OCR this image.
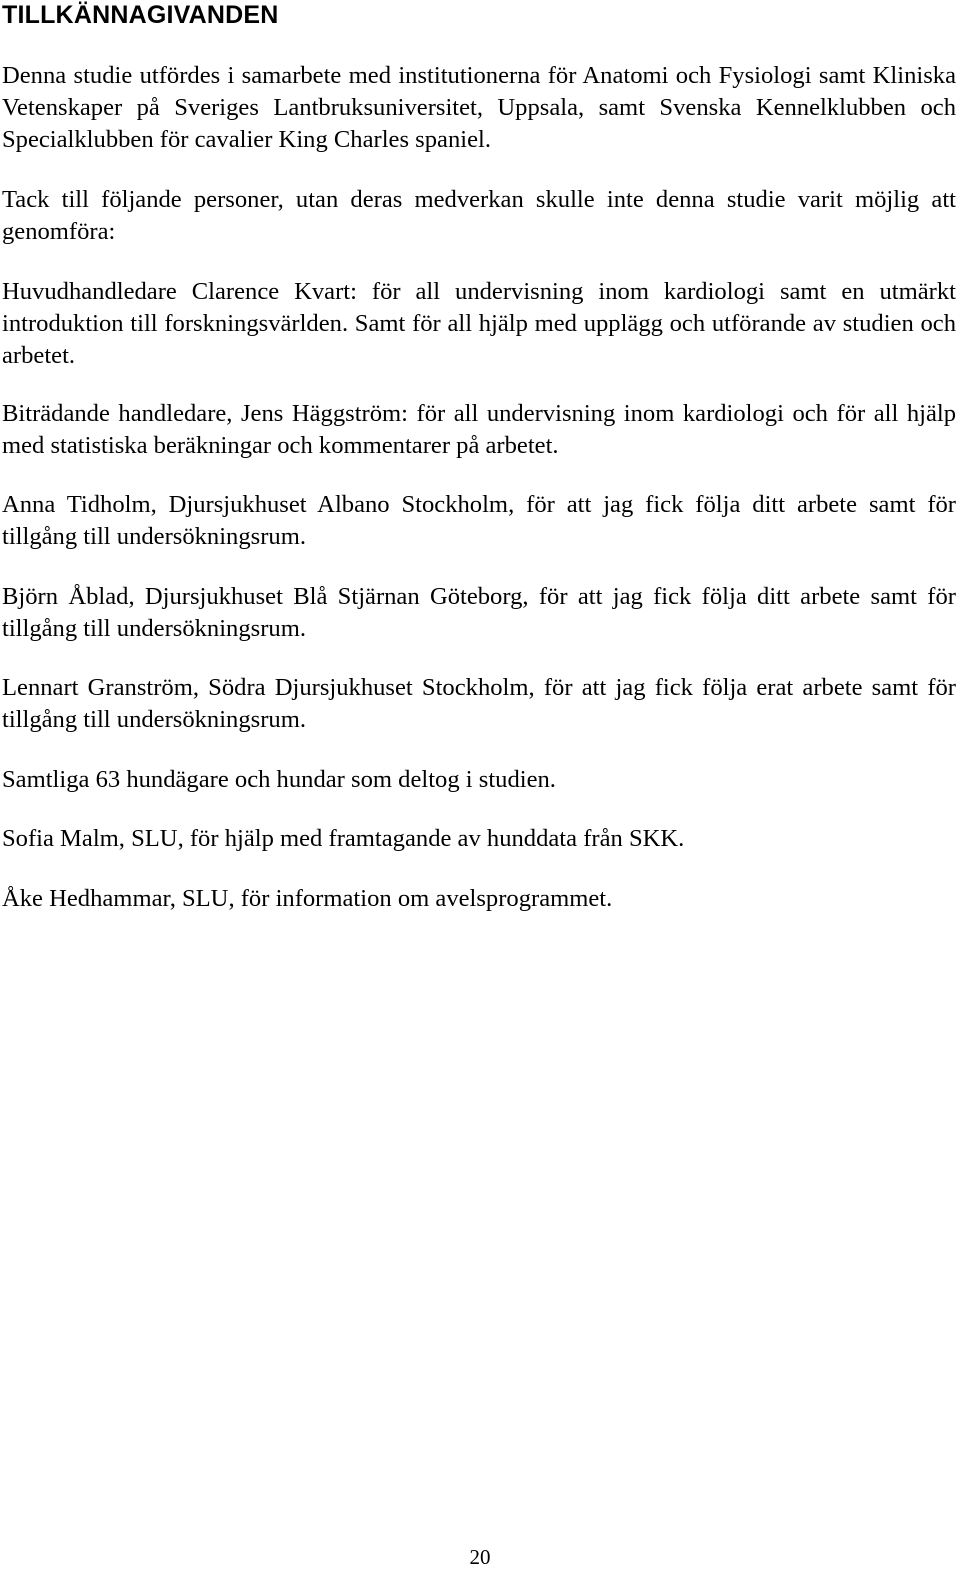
TILLKÄNNAGIVANDEN

Denna studie utfördes i samarbete med institutionerna för Anatomi och Fysiologi samt Kliniska Vetenskaper på Sveriges Lantbruksuniversitet, Uppsala, samt Svenska Kennelklubben och Specialklubben för cavalier King Charles spaniel.

Tack till följande personer, utan deras medverkan skulle inte denna studie varit möjlig att genomföra:

Huvudhandledare Clarence Kvart: för all undervisning inom kardiologi samt en utmärkt introduktion till forskningsvärlden. Samt för all hjälp med upplägg och utförande av studien och arbetet.

Biträdande handledare, Jens Häggström: för all undervisning inom kardiologi och för all hjälp med statistiska beräkningar och kommentarer på arbetet.

Anna Tidholm, Djursjukhuset Albano Stockholm, för att jag fick följa ditt arbete samt för tillgång till undersökningsrum.

Björn Åblad, Djursjukhuset Blå Stjärnan Göteborg, för att jag fick följa ditt arbete samt för tillgång till undersökningsrum.

Lennart Granström, Södra Djursjukhuset Stockholm, för att jag fick följa erat arbete samt för tillgång till undersökningsrum.

Samtliga 63 hundägare och hundar som deltog i studien.

Sofia Malm, SLU, för hjälp med framtagande av hunddata från SKK.

Åke Hedhammar, SLU, för information om avelsprogrammet.

20
